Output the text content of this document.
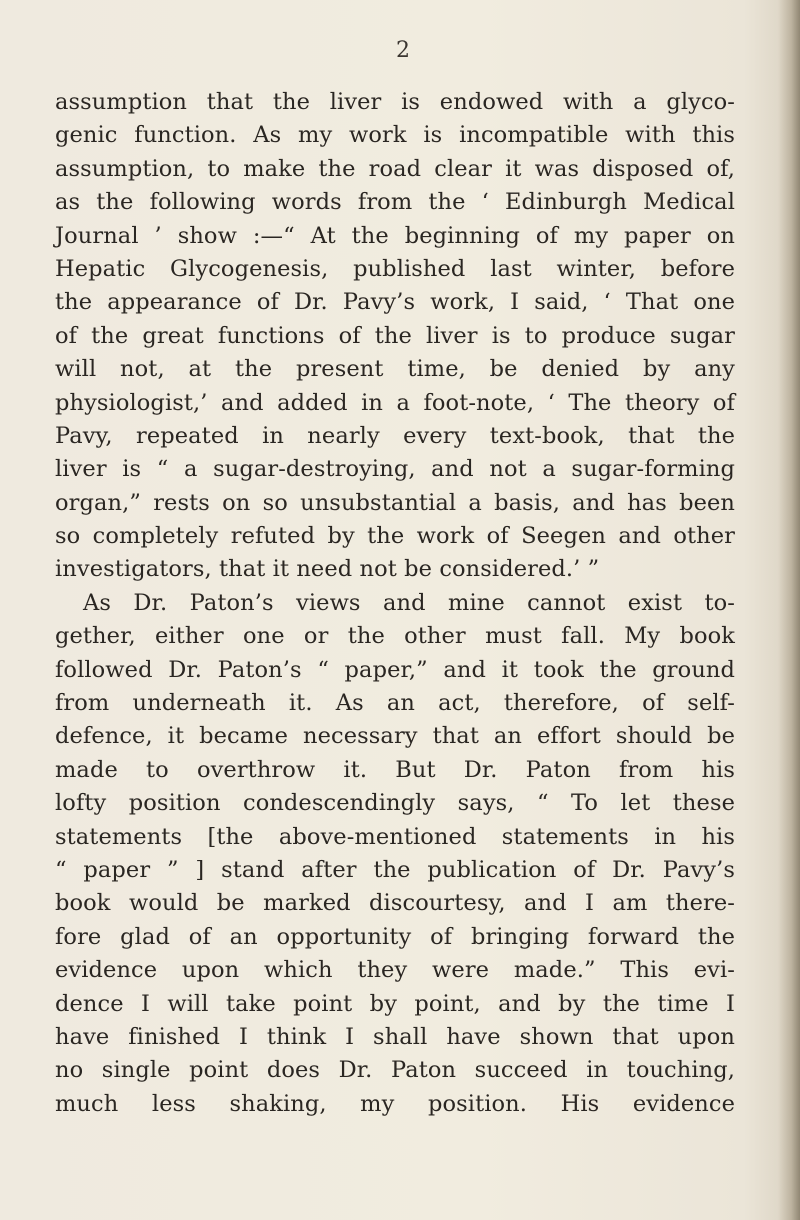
2
assumption that the liver is endowed with a glyco-
genic function. As my work is incompatible with this
assumption, to make the road clear it was disposed of,
as the following words from the ‘ Edinburgh Medical
Journal ’ show :—“ At the beginning of my paper on
Hepatic Glycogenesis, published last winter, before
the appearance of Dr. Pavy’s work, I said, ‘ That one
of the great functions of the liver is to produce sugar
will not, at the present time, be denied by any
physiologist,’ and added in a foot-note, ‘ The theory of
Pavy, repeated in nearly every text-book, that the
liver is “ a sugar-destroying, and not a sugar-forming
organ,” rests on so unsubstantial a basis, and has been
so completely refuted by the work of Seegen and other
investigators, that it need not be considered.’ ”
As Dr. Paton’s views and mine cannot exist to-
gether, either one or the other must fall. My book
followed Dr. Paton’s “ paper,” and it took the ground
from underneath it. As an act, therefore, of self-
defence, it became necessary that an effort should be
made to overthrow it. But Dr. Paton from his
lofty position condescendingly says, “ To let these
statements [the above-mentioned statements in his
“ paper ” ] stand after the publication of Dr. Pavy’s
book would be marked discourtesy, and I am there-
fore glad of an opportunity of bringing forward the
evidence upon which they were made.” This evi-
dence I will take point by point, and by the time I
have finished I think I shall have shown that upon
no single point does Dr. Paton succeed in touching,
much less shaking, my position. His evidence
